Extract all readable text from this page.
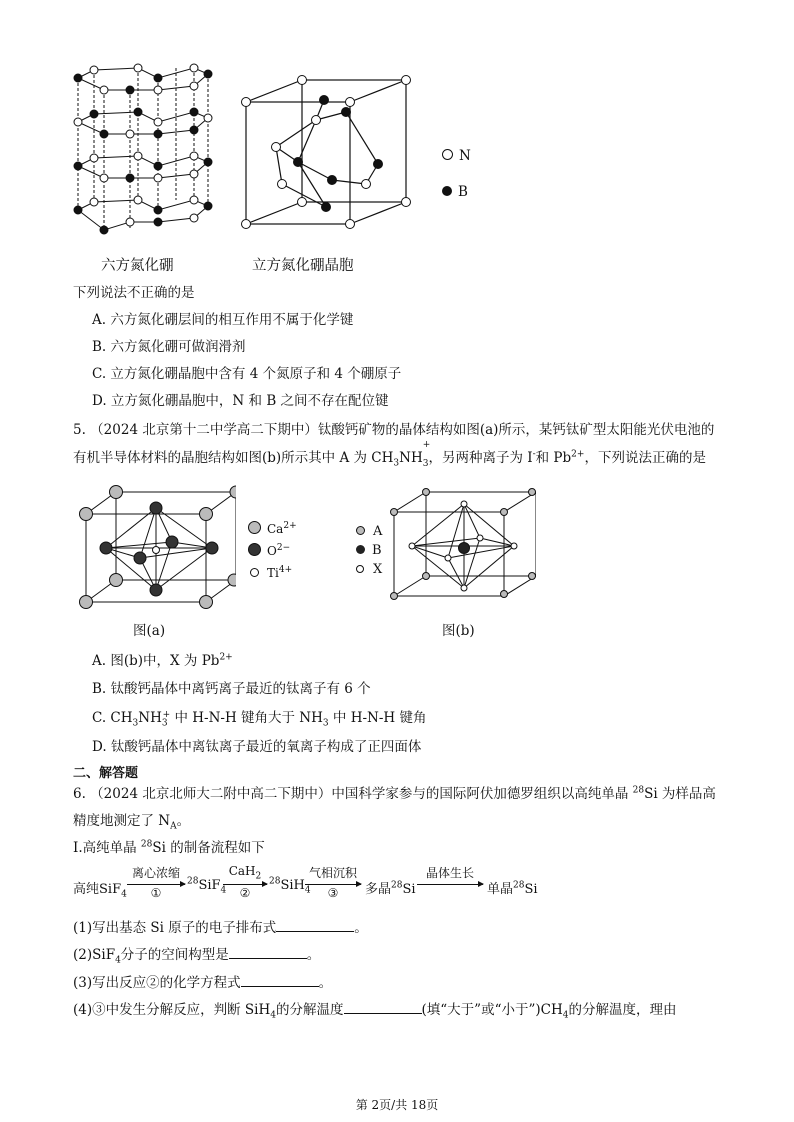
N
B
六方氮化硼	立方氮化硼晶胞
下列说法不正确的是
A. 六方氮化硼层间的相互作用不属于化学键
B. 六方氮化硼可做润滑剂
C. 立方氮化硼晶胞中含有 4 个氮原子和 4 个硼原子
D. 立方氮化硼晶胞中，N 和 B 之间不存在配位键
5. （2024 北京第十二中学高二下期中）钛酸钙矿物的晶体结构如图(a)所示，某钙钛矿型太阳能光伏电池的
有机半导体材料的晶胞结构如图(b)所示其中 A 为 $CH_3NH$
$_{+ 3}$，另两种离子为 I-和 $Pb^{2+}$，下列说法正确的是
$Ca^{2+}$
$O^{2-}$
$Ti^{4+}$
A
B
X
图(a)	图(b)
A. 图(b)中，X 为 $Pb^{2+}$
B. 钛酸钙晶体中离钙离子最近的钛离子有 6 个
C. $CH_3NH_3^+$ 中 H-N-H 键角大于 $NH_3$ 中 H-N-H 键角
D. 钛酸钙晶体中离钛离子最近的氧离子构成了正四面体
二、解答题
6. （2024 北京北师大二附中高二下期中）中国科学家参与的国际阿伏加德罗组织以高纯单晶 $^{28}$Si 为样品高
精度地测定了 $N_A$。
Ⅰ.高纯单晶 $^{28}$Si 的制备流程如下
高纯SiF$_4$
离心浓缩
①
$^{28}$SiF$_4$
CaH$_2$
②
$^{28}$SiH$_4$
气相沉积
③	多晶$^{28}$Si
晶体生长
单晶$^{28}$Si
(1)写出基态 Si 原子的电子排布式	。
(2)SiF$_4$分子的空间构型是	。
(3)写出反应②的化学方程式	。
(4)③中发生分解反应，判断 SiH$_4$的分解温度	(填“大于”或“小于$”)CH_4$的分解温度，理由
第 2页/共 18页
